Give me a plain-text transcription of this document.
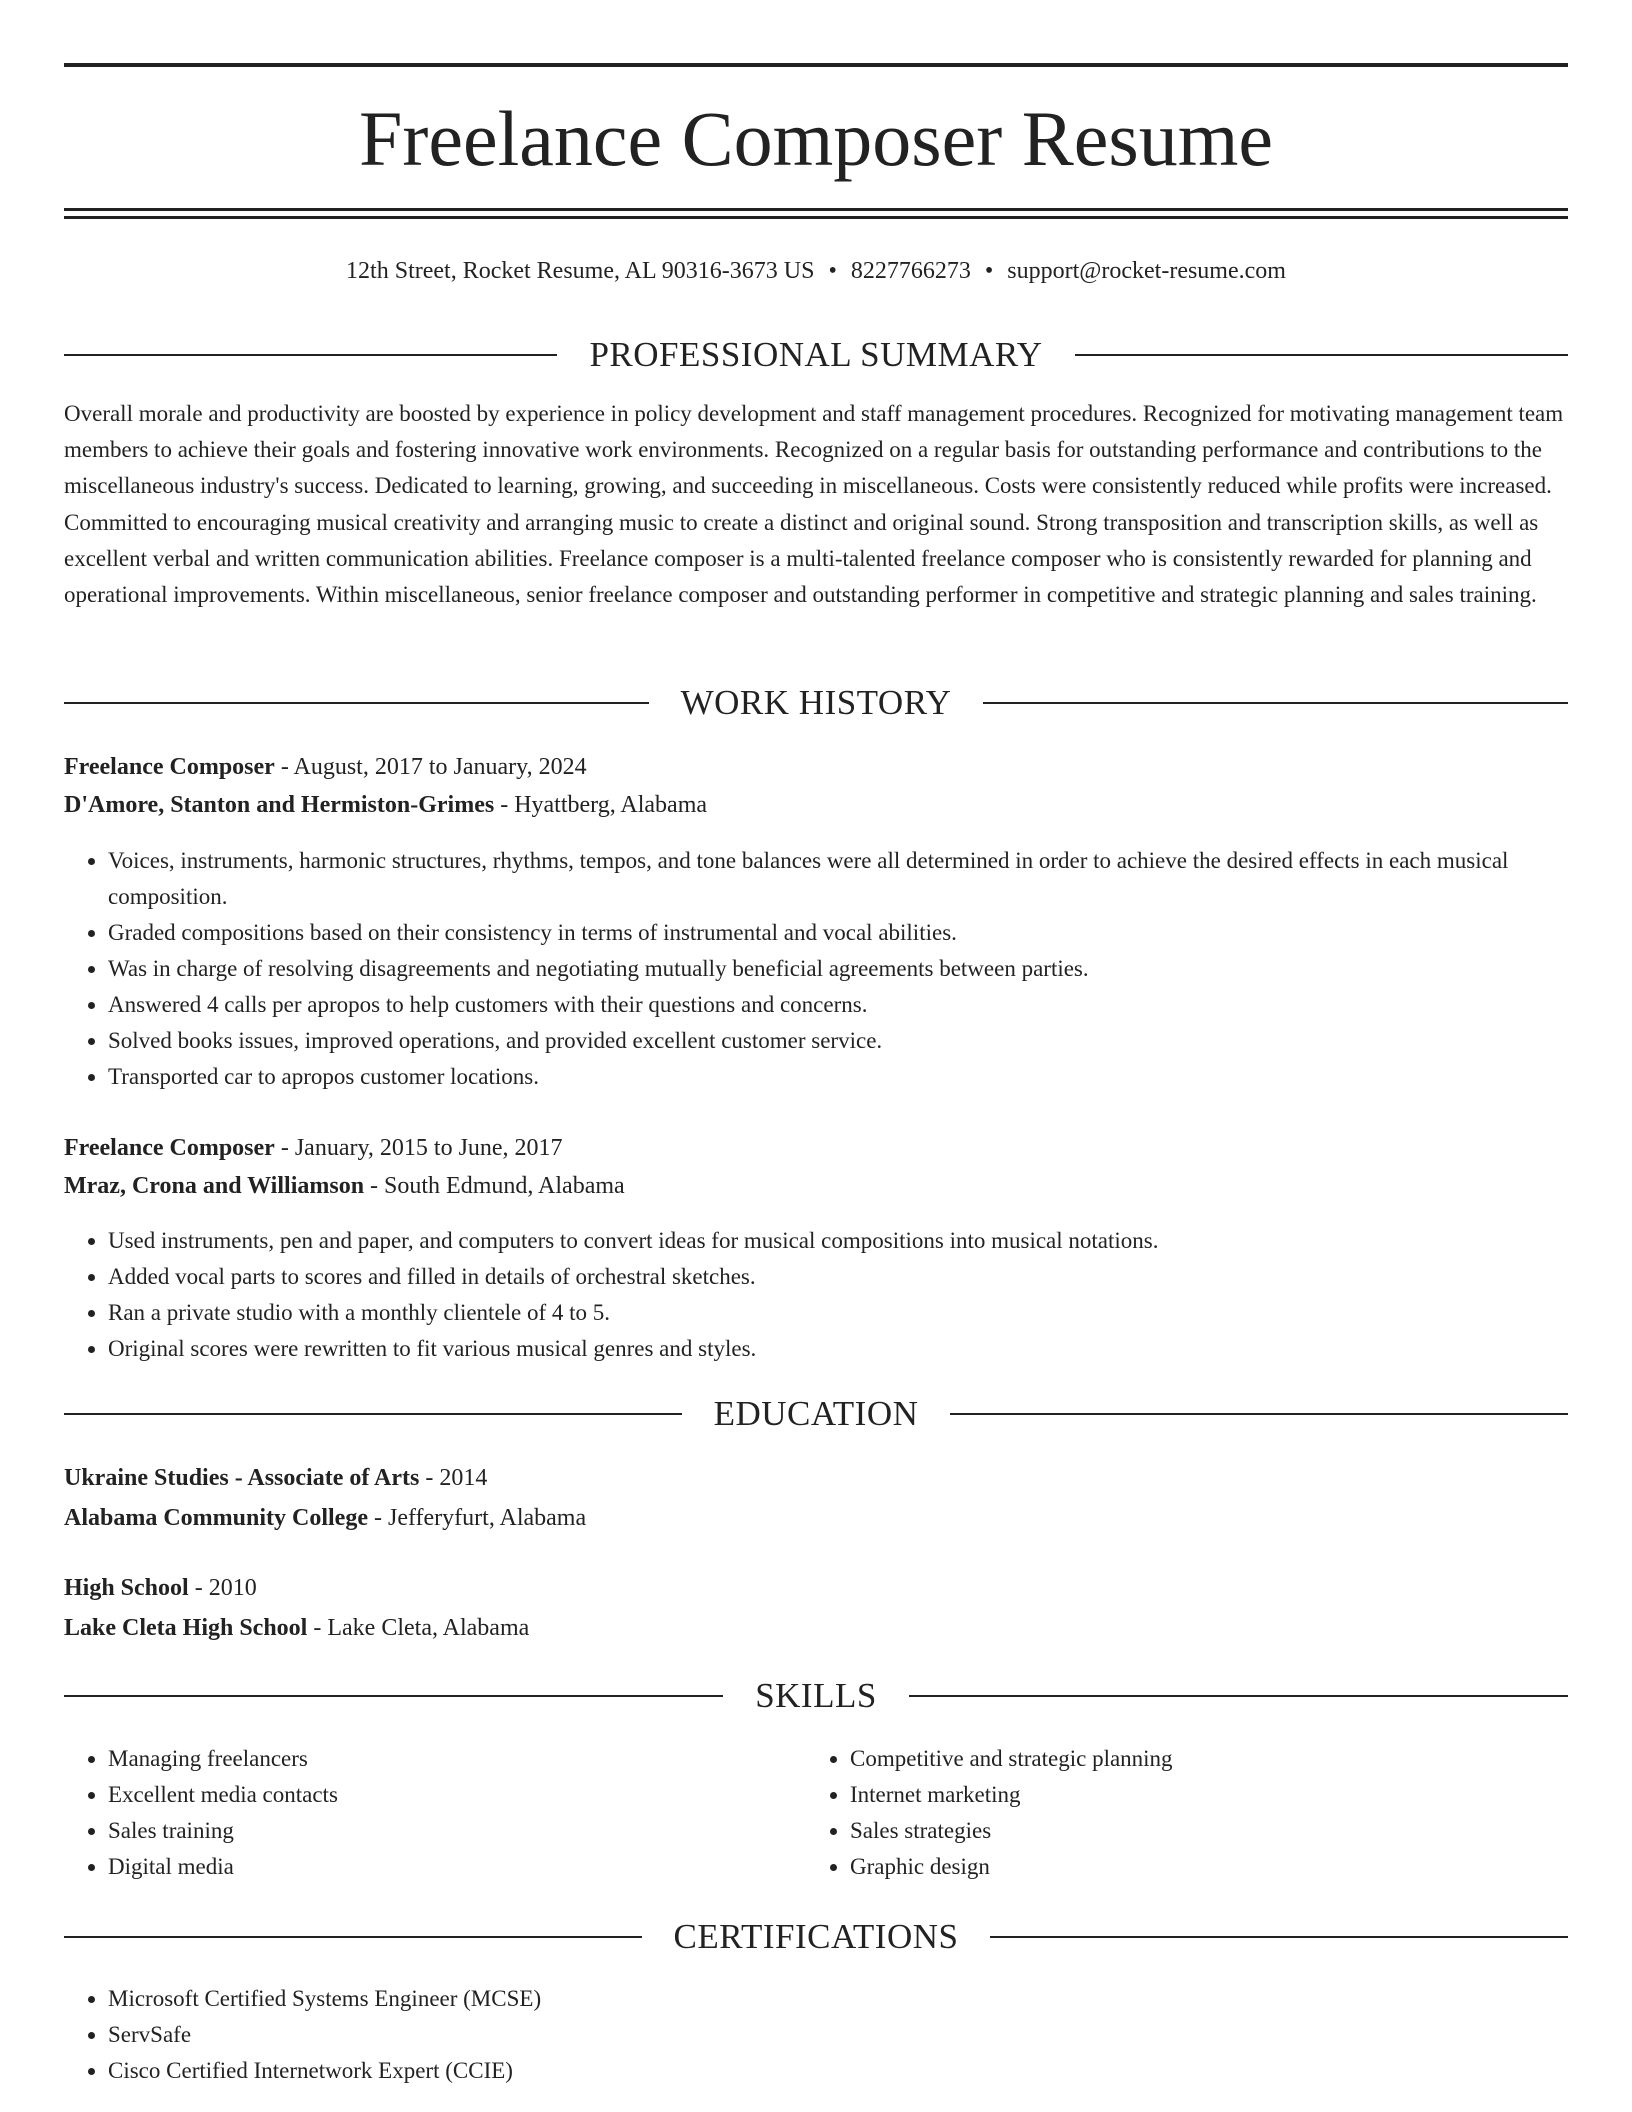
Freelance Composer Resume
12th Street, Rocket Resume, AL 90316-3673 US • 8227766273 • support@rocket-resume.com
PROFESSIONAL SUMMARY

Overall morale and productivity are boosted by experience in policy development and staff management procedures. Recognized for motivating management team members to achieve their goals and fostering innovative work environments. Recognized on a regular basis for outstanding performance and contributions to the miscellaneous industry's success. Dedicated to learning, growing, and succeeding in miscellaneous. Costs were consistently reduced while profits were increased. Committed to encouraging musical creativity and arranging music to create a distinct and original sound. Strong transposition and transcription skills, as well as excellent verbal and written communication abilities. Freelance composer is a multi-talented freelance composer who is consistently rewarded for planning and operational improvements. Within miscellaneous, senior freelance composer and outstanding performer in competitive and strategic planning and sales training.

WORK HISTORY
Freelance Composer - August, 2017 to January, 2024
D'Amore, Stanton and Hermiston-Grimes - Hyattberg, Alabama
• Voices, instruments, harmonic structures, rhythms, tempos, and tone balances were all determined in order to achieve the desired effects in each musical composition.
• Graded compositions based on their consistency in terms of instrumental and vocal abilities.
• Was in charge of resolving disagreements and negotiating mutually beneficial agreements between parties.
• Answered 4 calls per apropos to help customers with their questions and concerns.
• Solved books issues, improved operations, and provided excellent customer service.
• Transported car to apropos customer locations.
Freelance Composer - January, 2015 to June, 2017
Mraz, Crona and Williamson - South Edmund, Alabama
• Used instruments, pen and paper, and computers to convert ideas for musical compositions into musical notations.
• Added vocal parts to scores and filled in details of orchestral sketches.
• Ran a private studio with a monthly clientele of 4 to 5.
• Original scores were rewritten to fit various musical genres and styles.
EDUCATION
Ukraine Studies - Associate of Arts - 2014
Alabama Community College - Jefferyfurt, Alabama
High School - 2010
Lake Cleta High School - Lake Cleta, Alabama
SKILLS
• Managing freelancers
• Excellent media contacts
• Sales training
• Digital media
• Competitive and strategic planning
• Internet marketing
• Sales strategies
• Graphic design
CERTIFICATIONS
• Microsoft Certified Systems Engineer (MCSE)
• ServSafe
• Cisco Certified Internetwork Expert (CCIE)
